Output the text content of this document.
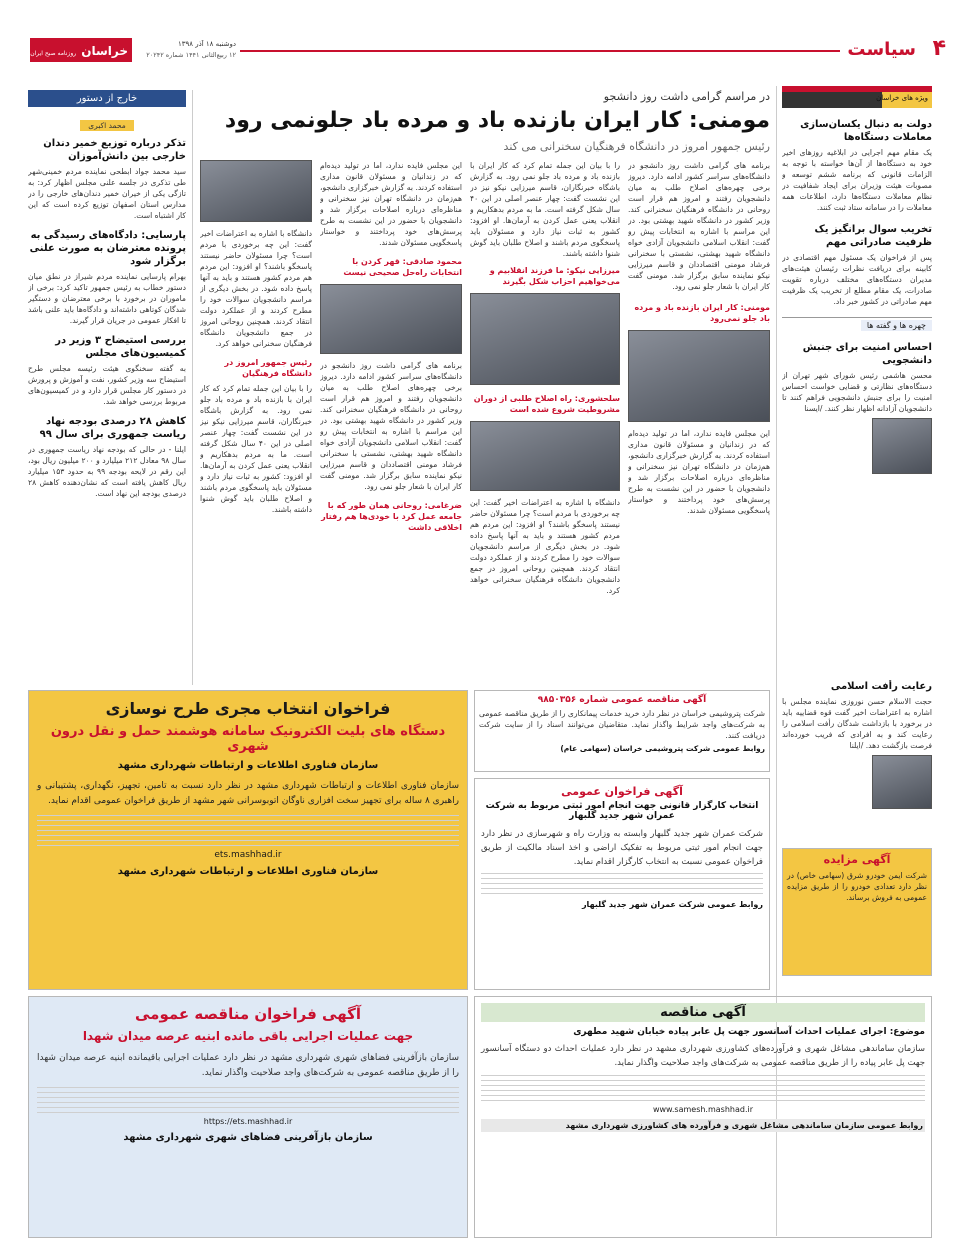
۴
سیاست
خراسان روزنامه صبح ایران
دوشنبه ۱۸ آذر ۱۳۹۸
۱۲ ربیع‌الثانی ۱۴۴۱ شماره ۲۰۲۴۲
خارج از دستور
محمد اکبری
تذکر درباره توزیع خمیر دندان خارجی بین دانش‌آموزان
سید محمد جواد ابطحی نماینده مردم خمینی‌شهر طی تذکری در جلسه علنی مجلس اظهار کرد: به تازگی یکی از خیران خمیر دندان‌های خارجی را در مدارس استان اصفهان توزیع کرده است که این کار اشتباه است.
پارسایی: دادگاه‌های رسیدگی به پرونده معترضان به صورت علنی برگزار شود
بهرام پارسایی نماینده مردم شیراز در نطق میان دستور خطاب به رئیس جمهور تاکید کرد: برخی از ماموران در برخورد با برخی معترضان و دستگیر شدگان کوتاهی داشته‌اند و دادگاه‌ها باید علنی باشد تا افکار عمومی در جریان قرار گیرند.
بررسی استیضاح ۳ وزیر در کمیسیون‌های مجلس
به گفته سخنگوی هیئت رئیسه مجلس طرح استیضاح سه وزیر کشور، نفت و آموزش و پرورش در دستور کار مجلس قرار دارد و در کمیسیون‌های مربوط بررسی خواهد شد.
کاهش ۲۸ درصدی بودجه نهاد ریاست جمهوری برای سال ۹۹
ایلنا - در حالی که بودجه نهاد ریاست جمهوری در سال ۹۸ معادل ۲۱۲ میلیارد و ۲۰۰ میلیون ریال بود، این رقم در لایحه بودجه ۹۹ به حدود ۱۵۳ میلیارد ریال کاهش یافته است که نشان‌دهنده کاهش ۲۸ درصدی بودجه این نهاد است.
در مراسم گرامی داشت روز دانشجو
مومنی: کار ایران بازنده باد و مرده باد جلونمی رود
رئیس جمهور امروز در دانشگاه فرهنگیان سخنرانی می کند
برنامه های گرامی داشت روز دانشجو در دانشگاه‌های سراسر کشور ادامه دارد. دیروز برخی چهره‌های اصلاح طلب به میان دانشجویان رفتند و امروز هم قرار است روحانی در دانشگاه فرهنگیان سخنرانی کند. وزیر کشور در دانشگاه شهید بهشتی بود. در این مراسم با اشاره به انتخابات پیش رو گفت: انقلاب اسلامی دانشجویان آزادی خواه دانشگاه شهید بهشتی، نشستی با سخنرانی فرشاد مومنی اقتصاددان و قاسم میرزایی نیکو نماینده سابق برگزار شد. مومنی گفت کار ایران با شعار جلو نمی رود.
مومنی: کار ایران بازنده باد و مرده باد جلو نمی‌رود
این مجلس فایده ندارد، اما در تولید دیده‌ام که در زندانیان و مسئولان قانون مداری استفاده کردند. به گزارش خبرگزاری دانشجو، هم‌زمان در دانشگاه تهران نیز سخنرانی و مناظره‌ای درباره اصلاحات برگزار شد و دانشجویان با حضور در این نشست به طرح پرسش‌های خود پرداختند و خواستار پاسخگویی مسئولان شدند.
را با بیان این جمله تمام کرد که کار ایران با بازنده باد و مرده باد جلو نمی رود. به گزارش باشگاه خبرنگاران، قاسم میرزایی نیکو نیز در این نشست گفت: چهار عنصر اصلی در این ۴۰ سال شکل گرفته است. ما به مردم بدهکاریم و انقلاب یعنی عمل کردن به آرمان‌ها. او افزود: کشور به ثبات نیاز دارد و مسئولان باید پاسخگوی مردم باشند و اصلاح طلبان باید گوش شنوا داشته باشند.
میرزایی نیکو: ما فرزند انقلابیم و می‌خواهیم احزاب شکل بگیرند
سلحشوری: راه اصلاح طلبی از دوران مشروطیت شروع شده است
دانشگاه با اشاره به اعتراضات اخیر گفت: این چه برخوردی با مردم است؟ چرا مسئولان حاضر نیستند پاسخگو باشند؟ او افزود: این مردم هم مردم کشور هستند و باید به آنها پاسخ داده شود. در بخش دیگری از مراسم دانشجویان سوالات خود را مطرح کردند و از عملکرد دولت انتقاد کردند. همچنین روحانی امروز در جمع دانشجویان دانشگاه فرهنگیان سخنرانی خواهد کرد.
این مجلس فایده ندارد، اما در تولید دیده‌ام که در زندانیان و مسئولان قانون مداری استفاده کردند. به گزارش خبرگزاری دانشجو، هم‌زمان در دانشگاه تهران نیز سخنرانی و مناظره‌ای درباره اصلاحات برگزار شد و دانشجویان با حضور در این نشست به طرح پرسش‌های خود پرداختند و خواستار پاسخگویی مسئولان شدند.
محمود صادقی: قهر کردن با انتخابات راه‌حل صحیحی نیست
برنامه های گرامی داشت روز دانشجو در دانشگاه‌های سراسر کشور ادامه دارد. دیروز برخی چهره‌های اصلاح طلب به میان دانشجویان رفتند و امروز هم قرار است روحانی در دانشگاه فرهنگیان سخنرانی کند. وزیر کشور در دانشگاه شهید بهشتی بود. در این مراسم با اشاره به انتخابات پیش رو گفت: انقلاب اسلامی دانشجویان آزادی خواه دانشگاه شهید بهشتی، نشستی با سخنرانی فرشاد مومنی اقتصاددان و قاسم میرزایی نیکو نماینده سابق برگزار شد. مومنی گفت کار ایران با شعار جلو نمی رود.
ضرغامی: روحانی همان طور که با جامعه عمل کرد با خودی‌ها هم رفتار اخلاقی داشت
دانشگاه با اشاره به اعتراضات اخیر گفت: این چه برخوردی با مردم است؟ چرا مسئولان حاضر نیستند پاسخگو باشند؟ او افزود: این مردم هم مردم کشور هستند و باید به آنها پاسخ داده شود. در بخش دیگری از مراسم دانشجویان سوالات خود را مطرح کردند و از عملکرد دولت انتقاد کردند. همچنین روحانی امروز در جمع دانشجویان دانشگاه فرهنگیان سخنرانی خواهد کرد.
رئیس جمهور امروز در دانشگاه فرهنگیان
را با بیان این جمله تمام کرد که کار ایران با بازنده باد و مرده باد جلو نمی رود. به گزارش باشگاه خبرنگاران، قاسم میرزایی نیکو نیز در این نشست گفت: چهار عنصر اصلی در این ۴۰ سال شکل گرفته است. ما به مردم بدهکاریم و انقلاب یعنی عمل کردن به آرمان‌ها. او افزود: کشور به ثبات نیاز دارد و مسئولان باید پاسخگوی مردم باشند و اصلاح طلبان باید گوش شنوا داشته باشند.
ویژه های خراسان
دولت به دنبال یکسان‌سازی معاملات دستگاه‌ها
یک مقام مهم اجرایی در ابلاغیه روزهای اخیر خود به دستگاه‌ها از آن‌ها خواسته با توجه به الزامات قانونی که برنامه ششم توسعه و مصوبات هیئت وزیران برای ایجاد شفافیت در نظام معاملات دستگاه‌ها دارد، اطلاعات همه معاملات را در سامانه ستاد ثبت کنند.
تخریب سوال برانگیز یک ظرفیت صادراتی مهم
پس از فراخوان یک مسئول مهم اقتصادی در کابینه برای دریافت نظرات رئیسان هیئت‌های مدیران دستگاه‌های مختلف درباره تقویت صادرات، یک مقام مطلع از تخریب یک ظرفیت مهم صادراتی در کشور خبر داد.
چهره ها و گفته ها
احساس امنیت برای جنبش دانشجویی
محسن هاشمی رئیس شورای شهر تهران از دستگاه‌های نظارتی و قضایی خواست احساس امنیت را برای جنبش دانشجویی فراهم کنند تا دانشجویان آزادانه اظهار نظر کنند. /ایسنا
رعایت رأفت اسلامی
حجت الاسلام حسن نوروزی نماینده مجلس با اشاره به اعتراضات اخیر گفت قوه قضاییه باید در برخورد با بازداشت شدگان رأفت اسلامی را رعایت کند و به افرادی که فریب خورده‌اند فرصت بازگشت دهد. /ایلنا
آگهی مزایده
شرکت ایمن خودرو شرق (سهامی خاص) در نظر دارد تعدادی خودرو را از طریق مزایده عمومی به فروش برساند.
آگهی مناقصه عمومی شماره ۹۸۵۰۳۵۶
شرکت پتروشیمی خراسان در نظر دارد خرید خدمات پیمانکاری را از طریق مناقصه عمومی به شرکت‌های واجد شرایط واگذار نماید. متقاضیان می‌توانند اسناد را از سایت شرکت دریافت کنند.
روابط عمومی شرکت پتروشیمی خراسان (سهامی عام)
فراخوان انتخاب مجری طرح نوسازی
دستگاه های بلیت الکترونیک سامانه هوشمند حمل و نقل درون شهری
سازمان فناوری اطلاعات و ارتباطات شهرداری مشهد
سازمان فناوری اطلاعات و ارتباطات شهرداری مشهد در نظر دارد نسبت به تامین، تجهیز، نگهداری، پشتیبانی و راهبری ۸ ساله برای تجهیز سخت افزاری ناوگان اتوبوسرانی شهر مشهد از طریق فراخوان عمومی اقدام نماید.
ets.mashhad.ir
سازمان فناوری اطلاعات و ارتباطات شهرداری مشهد
آگهی فراخوان عمومی
انتخاب کارگزار قانونی جهت انجام امور ثبتی مربوط به شرکت عمران شهر جدید گلبهار
شرکت عمران شهر جدید گلبهار وابسته به وزارت راه و شهرسازی در نظر دارد جهت انجام امور ثبتی مربوط به تفکیک اراضی و اخذ اسناد مالکیت از طریق فراخوان عمومی نسبت به انتخاب کارگزار اقدام نماید.
روابط عمومی شرکت عمران شهر جدید گلبهار
آگهی فراخوان مناقصه عمومی
جهت عملیات اجرایی باقی مانده ابنیه عرصه میدان شهدا
سازمان بازآفرینی فضاهای شهری شهرداری مشهد در نظر دارد عملیات اجرایی باقیمانده ابنیه عرصه میدان شهدا را از طریق مناقصه عمومی به شرکت‌های واجد صلاحیت واگذار نماید.
https://ets.mashhad.ir
سازمان بازآفرینی فضاهای شهری شهرداری مشهد
آگهی مناقصه
موضوع: اجرای عملیات احداث آسانسور جهت پل عابر پیاده خیابان شهید مطهری
سازمان ساماندهی مشاغل شهری و فرآورده‌های کشاورزی شهرداری مشهد در نظر دارد عملیات احداث دو دستگاه آسانسور جهت پل عابر پیاده را از طریق مناقصه عمومی به شرکت‌های واجد صلاحیت واگذار نماید.
www.samesh.mashhad.ir
روابط عمومی سازمان ساماندهی مشاغل شهری و فرآورده های کشاورزی شهرداری مشهد
